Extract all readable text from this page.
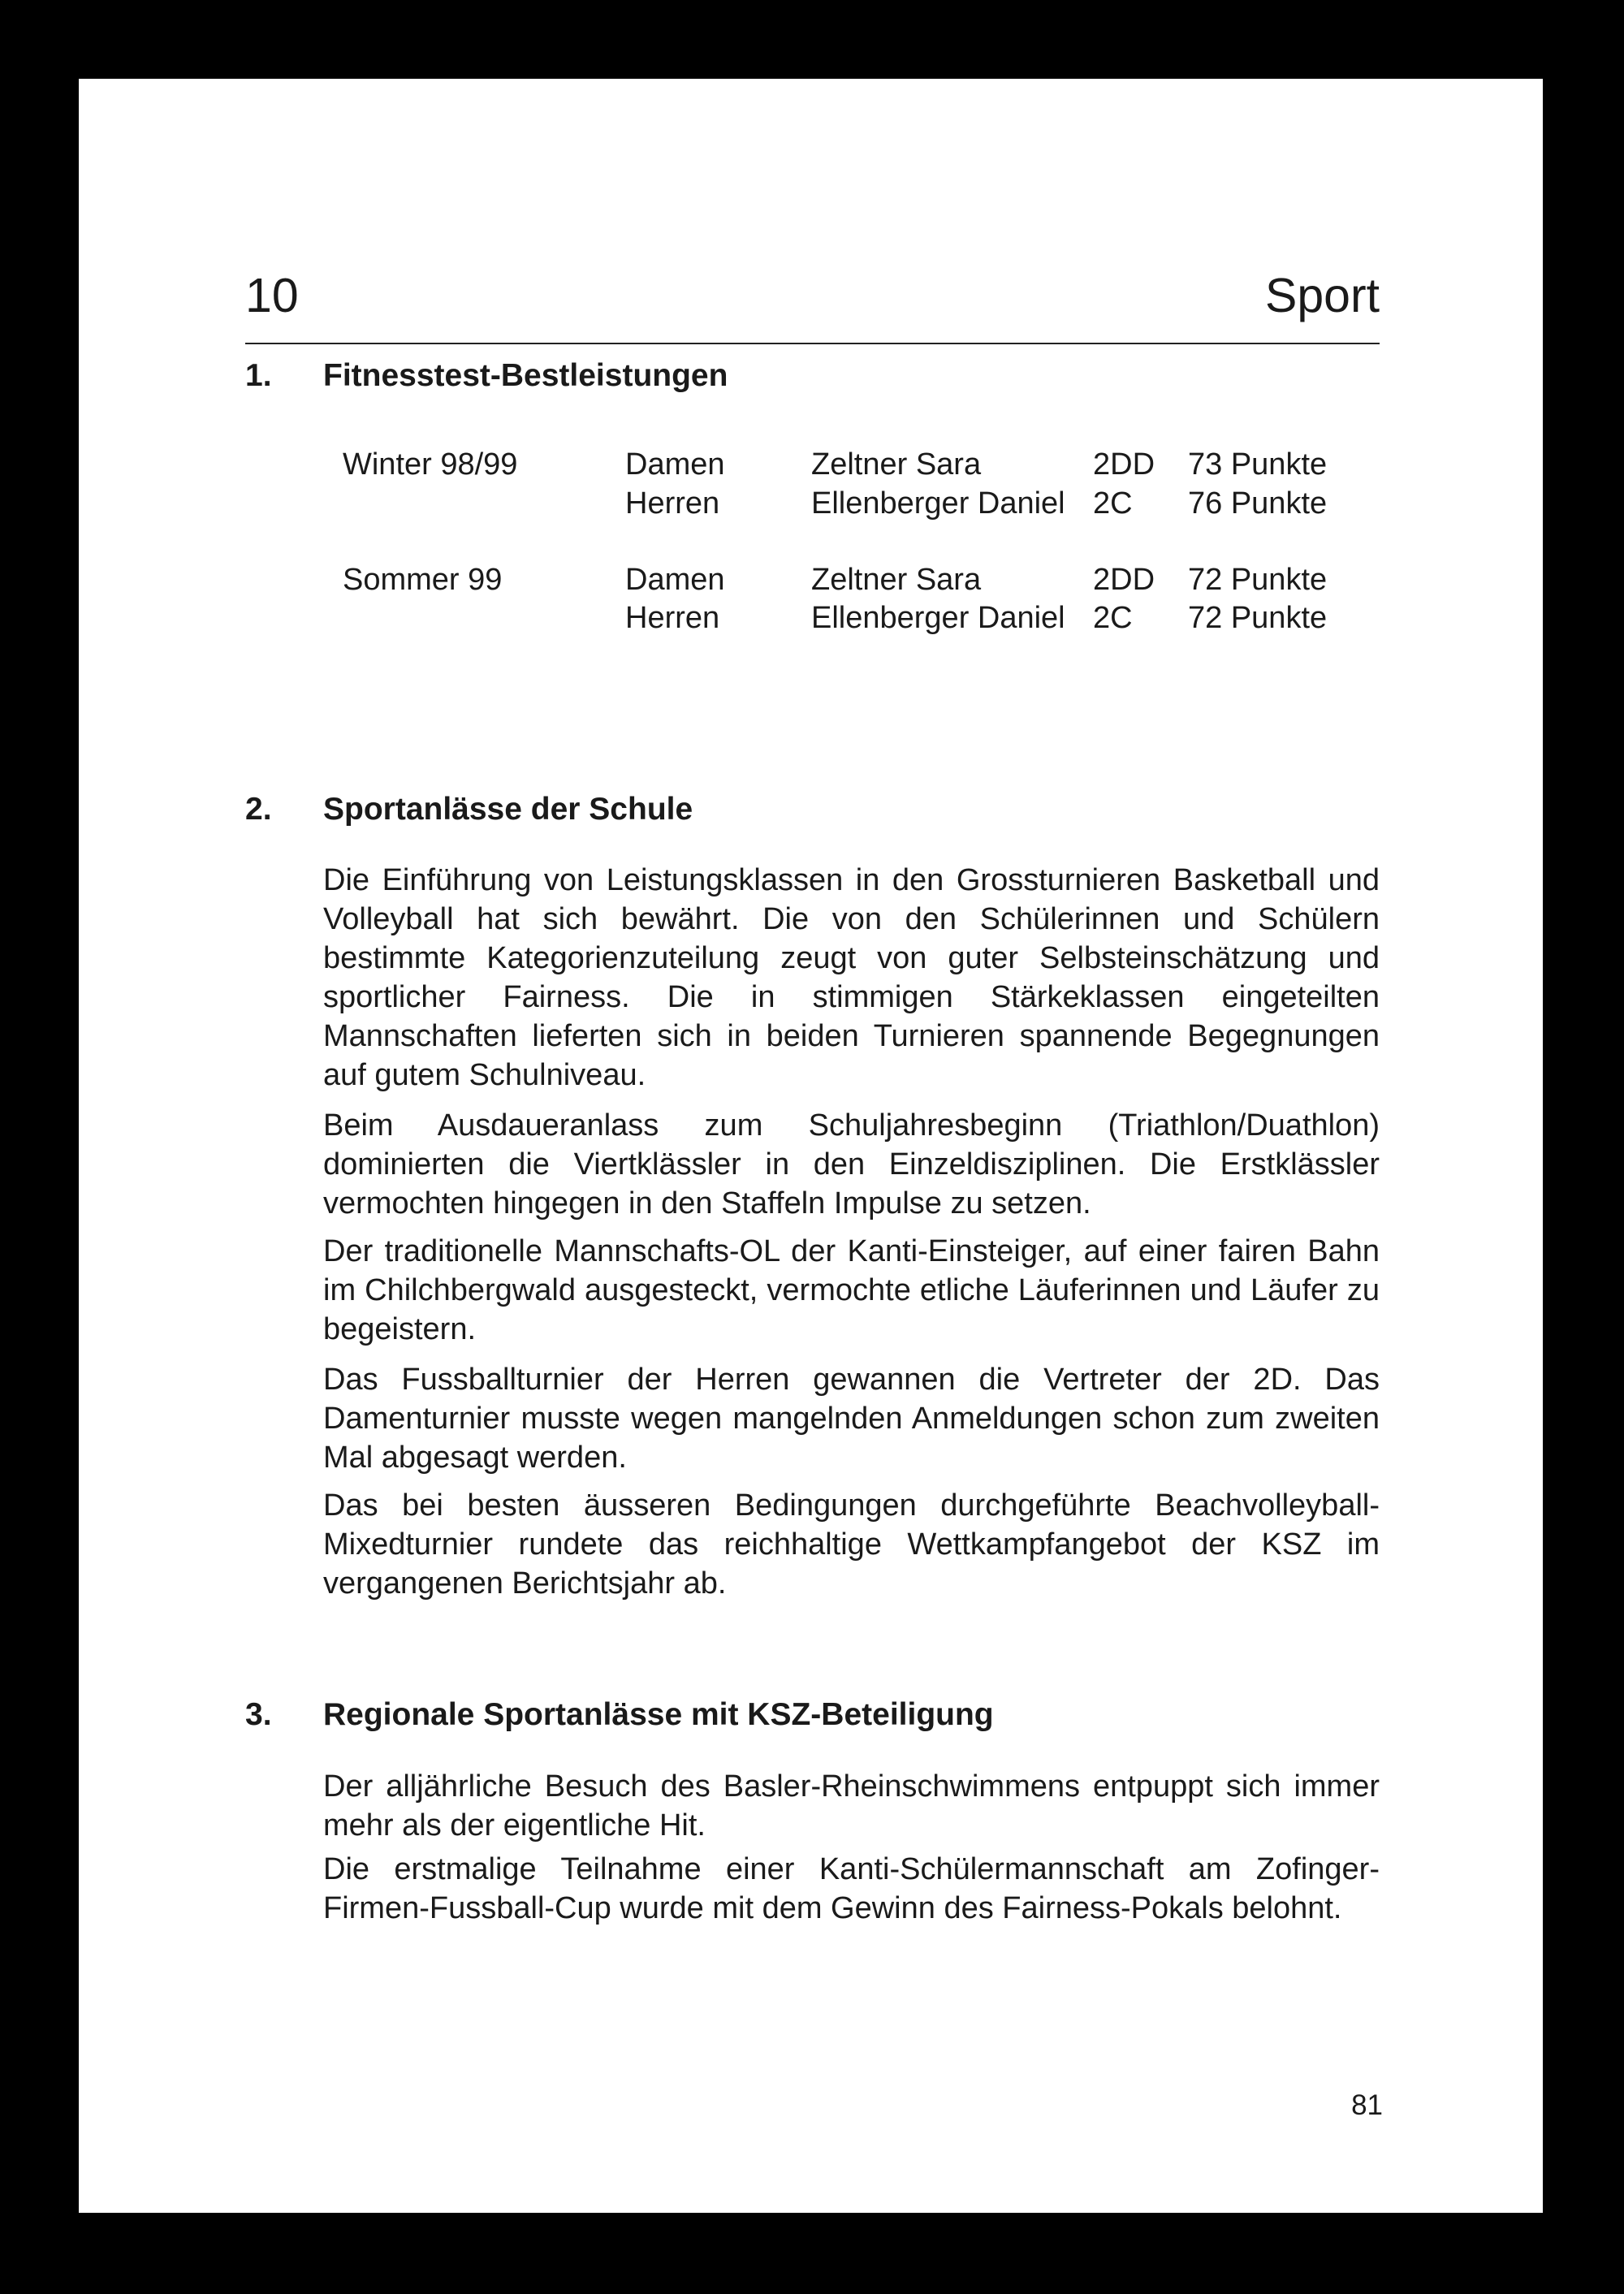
10	Sport
1. Fitnesstest-Bestleistungen
Winter 98/99	Damen	Zeltner Sara	2DD 73 Punkte
Herren	Ellenberger Daniel 2C 76 Punkte
Sommer 99	Damen	Zeltner Sara	2DD 72 Punkte
Herren	Ellenberger Daniel 2C 72 Punkte
2. Sportanlässe der Schule

Die Einführung von Leistungsklassen in den Grossturnieren Basketball und Volleyball hat sich bewährt. Die von den Schülerinnen und Schülern bestimmte Kategorienzuteilung zeugt von guter Selbsteinschätzung und sportlicher Fairness. Die in stimmigen Stärkeklassen eingeteilten Mannschaften lieferten sich in beiden Turnieren spannende Begegnungen auf gutem Schulniveau.

Beim Ausdaueranlass zum Schuljahresbeginn (Triathlon/Duathlon) dominierten die Viertklässler in den Einzeldisziplinen. Die Erstklässler vermochten hingegen in den Staffeln Impulse zu setzen.

Der traditionelle Mannschafts-OL der Kanti-Einsteiger, auf einer fairen Bahn im Chilchbergwald ausgesteckt, vermochte etliche Läuferinnen und Läufer zu begeistern.

Das Fussballturnier der Herren gewannen die Vertreter der 2D. Das Damenturnier musste wegen mangelnden Anmeldungen schon zum zweiten Mal abgesagt werden.

Das bei besten äusseren Bedingungen durchgeführte Beachvolleyball-Mixedturnier rundete das reichhaltige Wettkampfangebot der KSZ im vergangenen Berichtsjahr ab.

3. Regionale Sportanlässe mit KSZ-Beteiligung

Der alljährliche Besuch des Basler-Rheinschwimmens entpuppt sich immer mehr als der eigentliche Hit.

Die erstmalige Teilnahme einer Kanti-Schülermannschaft am Zofinger-Firmen-Fussball-Cup wurde mit dem Gewinn des Fairness-Pokals belohnt.

81
